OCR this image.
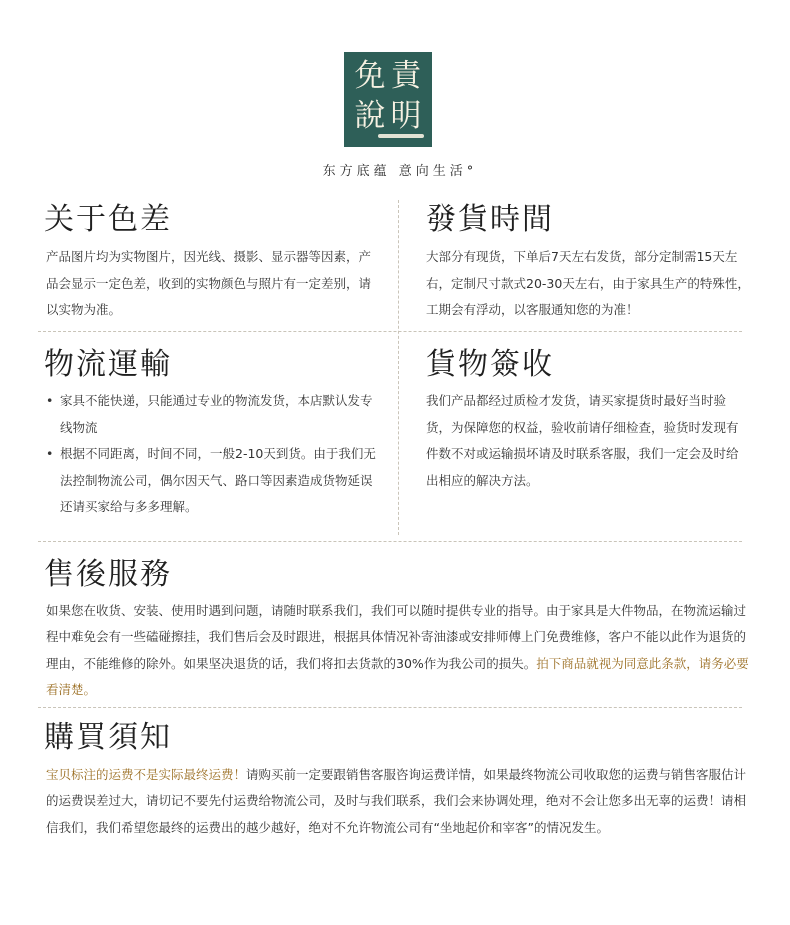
免 責
說 明
东方底蕴 意向生活°
关于色差
产品图片均为实物图片，因光线、摄影、显示器等因素，产品会显示一定色差，收到的实物颜色与照片有一定差别，请以实物为准。
發貨時間
大部分有现货，下单后7天左右发货，部分定制需15天左右，定制尺寸款式20-30天左右，由于家具生产的特殊性，工期会有浮动，以客服通知您的为准！
物流運輸
• 家具不能快递，只能通过专业的物流发货，本店默认发专线物流
• 根据不同距离，时间不同，一般2-10天到货。由于我们无法控制物流公司，偶尔因天气、路口等因素造成货物延误还请买家给与多多理解。
貨物簽收
我们产品都经过质检才发货，请买家提货时最好当时验货，为保障您的权益，验收前请仔细检查，验货时发现有件数不对或运输损坏请及时联系客服，我们一定会及时给出相应的解决方法。
售後服務
如果您在收货、安装、使用时遇到问题，请随时联系我们，我们可以随时提供专业的指导。由于家具是大件物品，在物流运输过程中难免会有一些磕碰擦挂，我们售后会及时跟进，根据具体情况补寄油漆或安排师傅上门免费维修，客户不能以此作为退货的理由，不能维修的除外。如果坚决退货的话，我们将扣去货款的30%作为我公司的损失。拍下商品就视为同意此条款，请务必要看清楚。
購買須知
宝贝标注的运费不是实际最终运费！请购买前一定要跟销售客服咨询运费详情，如果最终物流公司收取您的运费与销售客服估计的运费误差过大，请切记不要先付运费给物流公司，及时与我们联系，我们会来协调处理，绝对不会让您多出无辜的运费！请相信我们，我们希望您最终的运费出的越少越好，绝对不允许物流公司有“坐地起价和宰客”的情况发生。
